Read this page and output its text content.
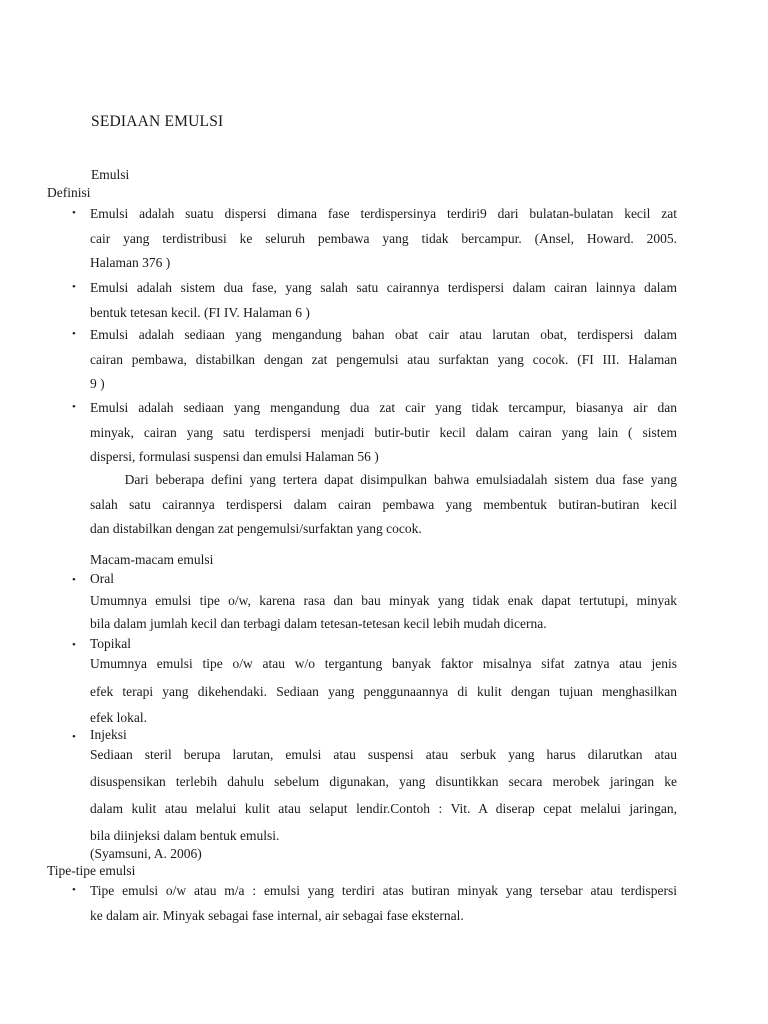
SEDIAAN EMULSI
Emulsi
Definisi
• Emulsi adalah suatu dispersi dimana fase terdispersinya terdiri9 dari bulatan-bulatan kecil zat
cair yang terdistribusi ke seluruh pembawa yang tidak bercampur. (Ansel, Howard. 2005.
Halaman 376 )
• Emulsi adalah sistem dua fase, yang salah satu cairannya terdispersi dalam cairan lainnya dalam
bentuk tetesan kecil. (FI IV. Halaman 6 )
• Emulsi adalah sediaan yang mengandung bahan obat cair atau larutan obat, terdispersi dalam
cairan pembawa, distabilkan dengan zat pengemulsi atau surfaktan yang cocok. (FI III. Halaman
9 )
• Emulsi adalah sediaan yang mengandung dua zat cair yang tidak tercampur, biasanya air dan
minyak, cairan yang satu terdispersi menjadi butir-butir kecil dalam cairan yang lain ( sistem
dispersi, formulasi suspensi dan emulsi Halaman 56 )
Dari beberapa defini yang tertera dapat disimpulkan bahwa emulsiadalah sistem dua fase yang
salah satu cairannya terdispersi dalam cairan pembawa yang membentuk butiran-butiran kecil
dan distabilkan dengan zat pengemulsi/surfaktan yang cocok.
Macam-macam emulsi
• Oral
Umumnya emulsi tipe o/w, karena rasa dan bau minyak yang tidak enak dapat tertutupi, minyak
bila dalam jumlah kecil dan terbagi dalam tetesan-tetesan kecil lebih mudah dicerna.
• Topikal
Umumnya emulsi tipe o/w atau w/o tergantung banyak faktor misalnya sifat zatnya atau jenis
efek terapi yang dikehendaki. Sediaan yang penggunaannya di kulit dengan tujuan menghasilkan
efek lokal.
• Injeksi
Sediaan steril berupa larutan, emulsi atau suspensi atau serbuk yang harus dilarutkan atau
disuspensikan terlebih dahulu sebelum digunakan, yang disuntikkan secara merobek jaringan ke
dalam kulit atau melalui kulit atau selaput lendir.Contoh : Vit. A diserap cepat melalui jaringan,
bila diinjeksi dalam bentuk emulsi.
(Syamsuni, A. 2006)
Tipe-tipe emulsi
• Tipe emulsi o/w atau m/a : emulsi yang terdiri atas butiran minyak yang tersebar atau terdispersi
ke dalam air. Minyak sebagai fase internal, air sebagai fase eksternal.
